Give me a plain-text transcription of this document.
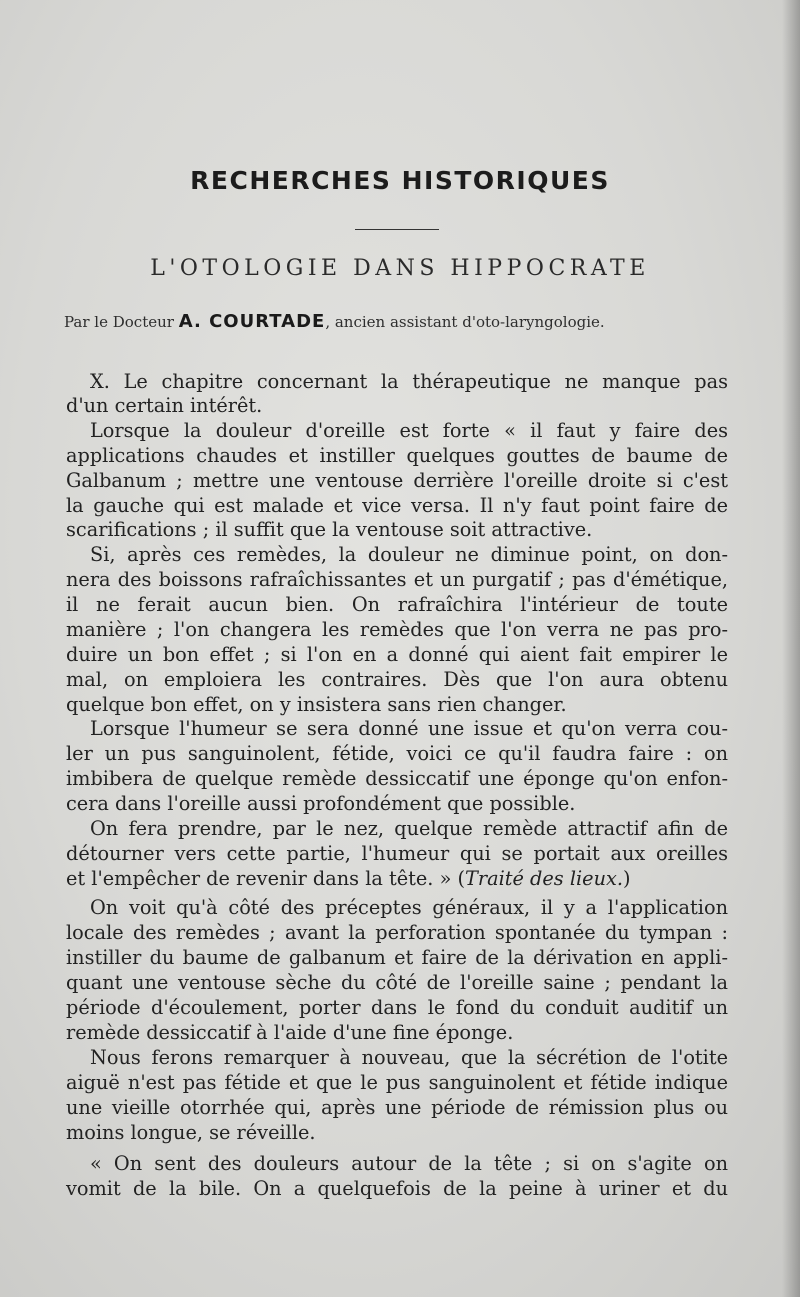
RECHERCHES HISTORIQUES
L'OTOLOGIE DANS HIPPOCRATE
Par le Docteur A. COURTADE, ancien assistant d'oto-laryngologie.
X. Le chapitre concernant la thérapeutique ne manque pas
d'un certain intérêt.
Lorsque la douleur d'oreille est forte « il faut y faire des
applications chaudes et instiller quelques gouttes de baume de
Galbanum ; mettre une ventouse derrière l'oreille droite si c'est
la gauche qui est malade et vice versa. Il n'y faut point faire de
scarifications ; il suffit que la ventouse soit attractive.
Si, après ces remèdes, la douleur ne diminue point, on don-
nera des boissons rafraîchissantes et un purgatif ; pas d'émétique,
il ne ferait aucun bien. On rafraîchira l'intérieur de toute
manière ; l'on changera les remèdes que l'on verra ne pas pro-
duire un bon effet ; si l'on en a donné qui aient fait empirer le
mal, on emploiera les contraires. Dès que l'on aura obtenu
quelque bon effet, on y insistera sans rien changer.
Lorsque l'humeur se sera donné une issue et qu'on verra cou-
ler un pus sanguinolent, fétide, voici ce qu'il faudra faire : on
imbibera de quelque remède dessiccatif une éponge qu'on enfon-
cera dans l'oreille aussi profondément que possible.
On fera prendre, par le nez, quelque remède attractif afin de
détourner vers cette partie, l'humeur qui se portait aux oreilles
et l'empêcher de revenir dans la tête. » (Traité des lieux.)
On voit qu'à côté des préceptes généraux, il y a l'application
locale des remèdes ; avant la perforation spontanée du tympan :
instiller du baume de galbanum et faire de la dérivation en appli-
quant une ventouse sèche du côté de l'oreille saine ; pendant la
période d'écoulement, porter dans le fond du conduit auditif un
remède dessiccatif à l'aide d'une fine éponge.
Nous ferons remarquer à nouveau, que la sécrétion de l'otite
aiguë n'est pas fétide et que le pus sanguinolent et fétide indique
une vieille otorrhée qui, après une période de rémission plus ou
moins longue, se réveille.
« On sent des douleurs autour de la tête ; si on s'agite on
vomit de la bile. On a quelquefois de la peine à uriner et du
